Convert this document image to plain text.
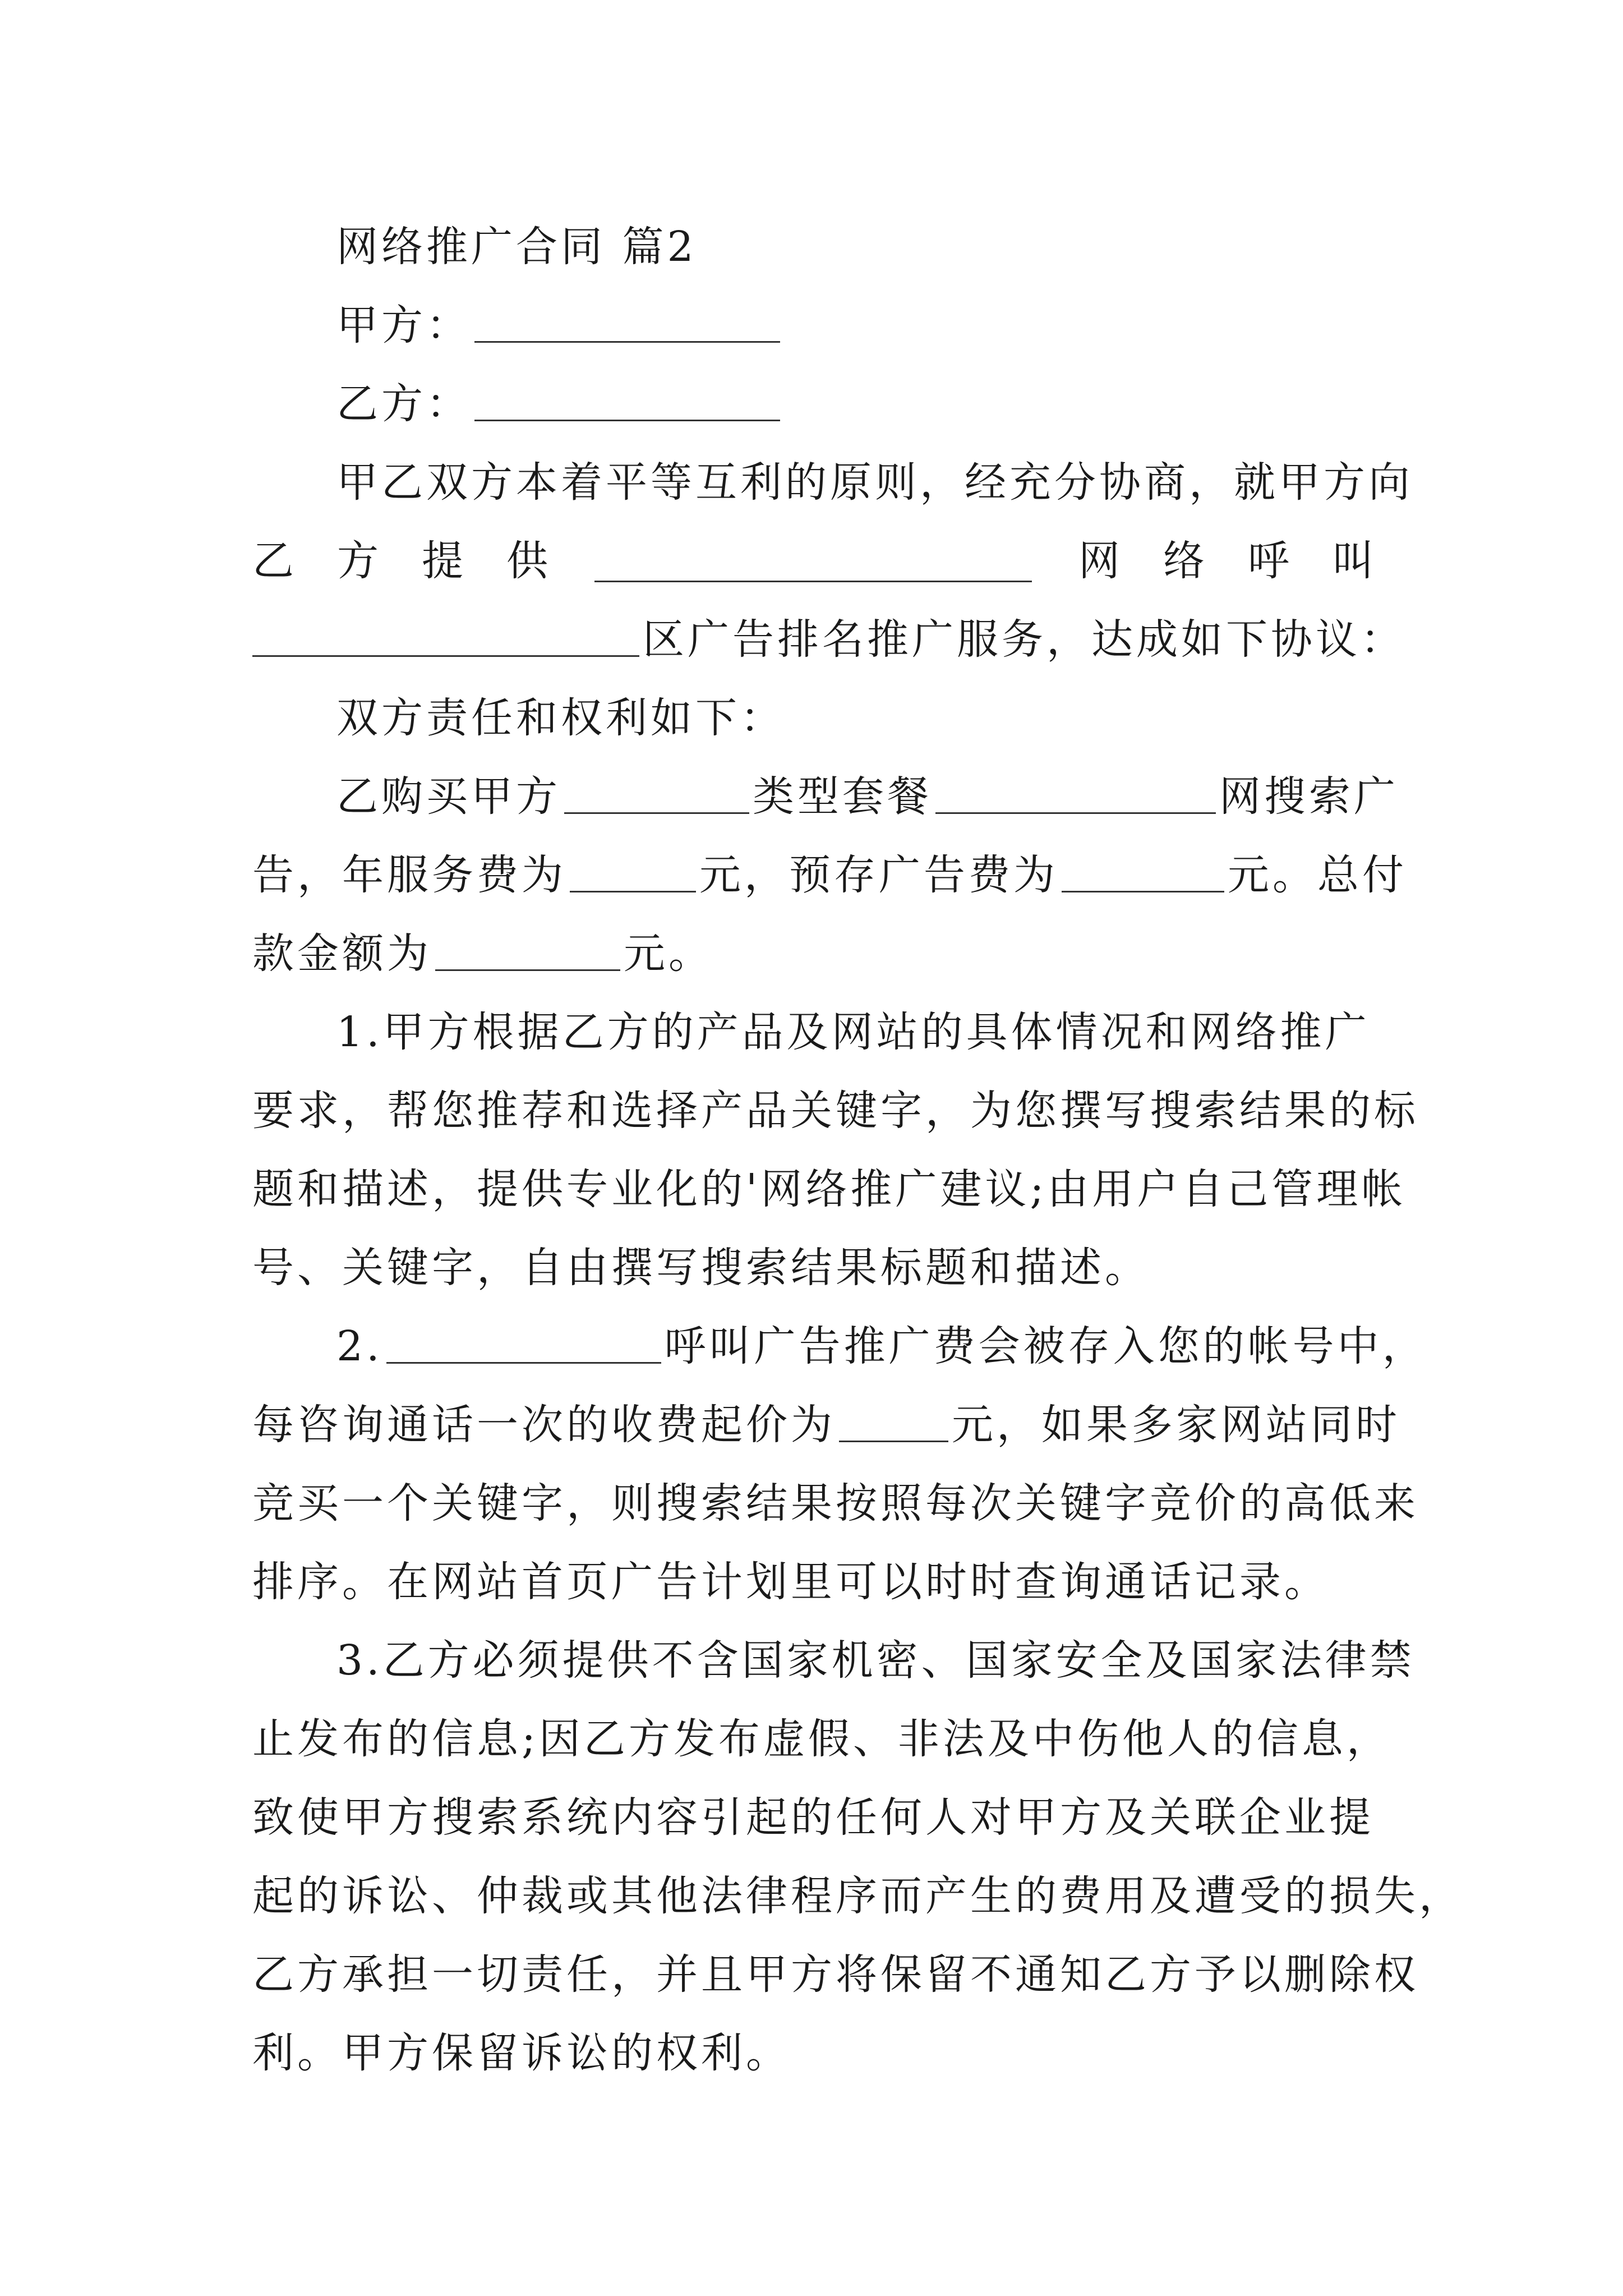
网络推广合同 篇2
甲方：
乙方：
甲乙双方本着平等互利的原则，经充分协商，就甲方向
乙 方 提 供	网 络 呼 叫
区广告排名推广服务，达成如下协议：
双方责任和权利如下：
乙购买甲方	类型套餐	网搜索广
告，年服务费为	元，预存广告费为	元。总付
款金额为	元。
1.甲方根据乙方的产品及网站的具体情况和网络推广
要求，帮您推荐和选择产品关键字，为您撰写搜索结果的标
题和描述，提供专业化的'网络推广建议;由用户自己管理帐
号、关键字，自由撰写搜索结果标题和描述。
2.	呼叫广告推广费会被存入您的帐号中，
每咨询通话一次的收费起价为	元，如果多家网站同时
竞买一个关键字，则搜索结果按照每次关键字竞价的高低来
排序。在网站首页广告计划里可以时时查询通话记录。
3.乙方必须提供不含国家机密、国家安全及国家法律禁
止发布的信息;因乙方发布虚假、非法及中伤他人的信息，
致使甲方搜索系统内容引起的任何人对甲方及关联企业提
起的诉讼、仲裁或其他法律程序而产生的费用及遭受的损失，
乙方承担一切责任，并且甲方将保留不通知乙方予以删除权
利。甲方保留诉讼的权利。
